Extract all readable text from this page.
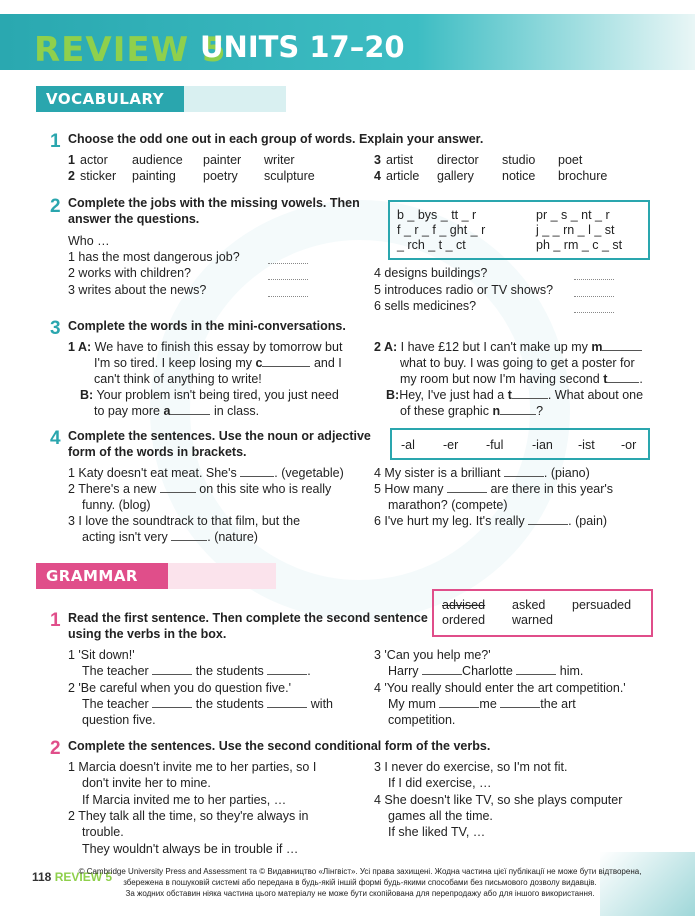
REVIEW 5
UNITS 17–20
VOCABULARY
1 Choose the odd one out in each group of words. Explain your answer.
1 actor audience painter writer
2 sticker painting poetry sculpture
3 artist director studio poet
4 article gallery notice brochure
2 Complete the jobs with the missing vowels. Then
answer the questions.
Who …
1 has the most dangerous job?
2 works with children?
3 writes about the news?
4 designs buildings?
5 introduces radio or TV shows?
6 sells medicines?
b _ bys _ tt _ r	pr _ s _ nt _ r
f _ r _ f _ ght _ r	j _ _ rn _ l _ st
_ rch _ t _ ct	ph _ rm _ c _ st
3 Complete the words in the mini-conversations.
1 A: We have to finish this essay by tomorrow but
I'm so tired. I keep losing my c	and I
can't think of anything to write!
B: Your problem isn't being tired, you just need
to pay more a	in class.
2 A: I have £12 but I can't make up my m
what to buy. I was going to get a poster for
my room but now I'm having second t	.
B:Hey, I've just had a t	. What about one
of these graphic n	?
4 Complete the sentences. Use the noun or adjective
form of the words in brackets.	-al -er -ful -ian -ist -or
1 Katy doesn't eat meat. She's	. (vegetable)
2 There's a new	on this site who is really
funny. (blog)
3 I love the soundtrack to that film, but the
acting isn't very	. (nature)
4 My sister is a brilliant	. (piano)
5 How many	are there in this year's
marathon? (compete)
6 I've hurt my leg. It's really	. (pain)
GRAMMAR
1 Read the first sentence. Then complete the second sentence
using the verbs in the box.
advised asked persuaded
ordered warned
1 'Sit down!'
The teacher	the students	.
2 'Be careful when you do question five.'
The teacher	the students	with
question five.
3 'Can you help me?'
Harry	Charlotte	him.
4 'You really should enter the art competition.'
My mum	me	the art
competition.
2 Complete the sentences. Use the second conditional form of the verbs.
1 Marcia doesn't invite me to her parties, so I
don't invite her to mine.
If Marcia invited me to her parties, …
2 They talk all the time, so they're always in
trouble.
They wouldn't always be in trouble if …
3 I never do exercise, so I'm not fit.
If I did exercise, …
4 She doesn't like TV, so she plays computer
games all the time.
If she liked TV, …
118 REVIEW 5
© Cambridge University Press and Assessment та © Видавництво «Лінгвіст». Усі права захищені. Жодна частина цієї публікації не може бути відтворена,
збережена в пошуковій системі або передана в будь-якій іншій формі будь-якими способами без письмового дозволу видавців.
За жодних обставин ніяка частина цього матеріалу не може бути скопійована для перепродажу або для іншого використання.
